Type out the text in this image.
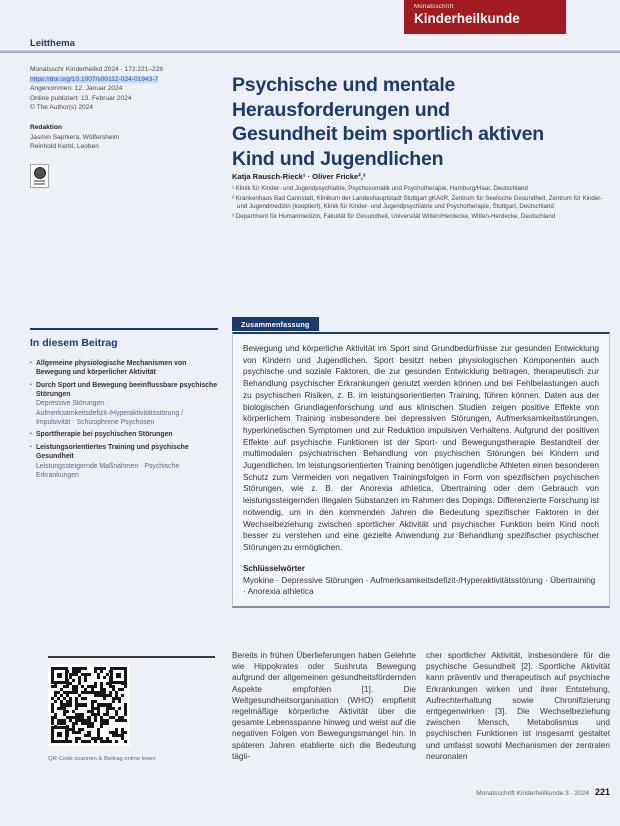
Monatsschrift
Kinderheilkunde
Leitthema
Monatsschr Kinderheilkd 2024 · 172:221–228
https://doi.org/10.1007/s00112-024-01943-7
Angenommen: 12. Januar 2024
Online publiziert: 13. Februar 2024
© The Author(s) 2024
Redaktion
Jasmin Saphiera, Wölfersheim
Reinhold Kerbl, Leoben
Psychische und mentale Herausforderungen und Gesundheit beim sportlich aktiven Kind und Jugendlichen
Katja Rausch-Rieck¹ · Oliver Fricke²,³
¹ Klinik für Kinder- und Jugendpsychiatrie, Psychosomatik und Psychotherapie, Hamburg/Haar, Deutschland
² Krankenhaus Bad Cannstatt, Klinikum der Landeshauptstadt Stuttgart gKAöR, Zentrum für Seelische Gesundheit, Zentrum für Kinder- und Jugendmedizin (kooptiert), Klinik für Kinder- und Jugendpsychiatrie und Psychotherapie, Stuttgart, Deutschland
³ Department für Humanmedizin, Fakultät für Gesundheit, Universität Witten/Herdecke, Witten-Herdecke, Deutschland
Zusammenfassung
Bewegung und körperliche Aktivität im Sport sind Grundbedürfnisse zur gesunden Entwicklung von Kindern und Jugendlichen. Sport besitzt neben physiologischen Komponenten auch psychische und soziale Faktoren, die zur gesunden Entwicklung beitragen, therapeutisch zur Behandlung psychischer Erkrankungen genutzt werden können und bei Fehlbelastungen auch zu psychischen Risiken, z. B. im leistungsorientierten Training, führen können. Daten aus der biologischen Grundlagenforschung und aus klinischen Studien zeigen positive Effekte von körperlichem Training insbesondere bei depressiven Störungen, Aufmerksamkeitsstörungen, hyperkinetischen Symptomen und zur Reduktion impulsiven Verhaltens. Aufgrund der positiven Effekte auf psychische Funktionen ist der Sport- und Bewegungstherapie Bestandteil der multimodalen psychiatrischen Behandlung von psychischen Störungen bei Kindern und Jugendlichen. Im leistungsorientierten Training benötigen jugendliche Athleten einen besonderen Schutz zum Vermeiden von negativen Trainingsfolgen in Form von spezifischen psychischen Störungen, wie z. B. der Anorexia athletica, Übertraining oder dem Gebrauch von leistungssteigernden illegalen Substanzen im Rahmen des Dopings. Differenzierte Forschung ist notwendig, um in den kommenden Jahren die Bedeutung spezifischer Faktoren in der Wechselbeziehung zwischen sportlicher Aktivität und psychischer Funktion beim Kind noch besser zu verstehen und eine gezielte Anwendung zur Behandlung spezifischer psychischer Störungen zu ermöglichen.
Schlüsselwörter
Myokine · Depressive Störungen · Aufmerksamkeitsdefizit-/Hyperaktivitätsstörung · Übertraining · Anorexia athletica
In diesem Beitrag
▪ Allgemeine physiologische Mechanismen von Bewegung und körperlicher Aktivität
▪ Durch Sport und Bewegung beeinflussbare psychische Störungen
Depressive Störungen · Aufmerksamkeitsdefizit-/Hyperaktivitätsstörung / Impulsivität · Schizophrene Psychosen
▪ Sporttherapie bei psychischen Störungen
▪ Leistungsorientiertes Training und psychische Gesundheit
Leistungssteigernde Maßnahmen · Psychische Erkrankungen
Bereits in frühen Überlieferungen haben Gelehrte wie Hippokrates oder Sushruta Bewegung aufgrund der allgemeinen gesundheitsfördernden Aspekte empfohlen [1]. Die Weltgesundheitsorganisation (WHO) empfiehlt regelmäßige körperliche Aktivität über die gesamte Lebensspanne hinweg und weist auf die negativen Folgen von Bewegungsmangel hin. In späteren Jahren etablierte sich die Bedeutung tägli-
cher sportlicher Aktivität, insbesondere für die psychische Gesundheit [2]. Sportliche Aktivität kann präventiv und therapeutisch auf psychische Erkrankungen wirken und ihrer Entstehung, Aufrechterhaltung sowie Chronifizierung entgegenwirken [3]. Die Wechselbeziehung zwischen Mensch, Metabolismus und psychischen Funktionen ist insgesamt gestaltet und umfasst sowohl Mechanismen der zentralen neuronalen
QR-Code scannen & Beitrag online lesen
Monatsschrift Kinderheilkunde 3 · 2024 221
